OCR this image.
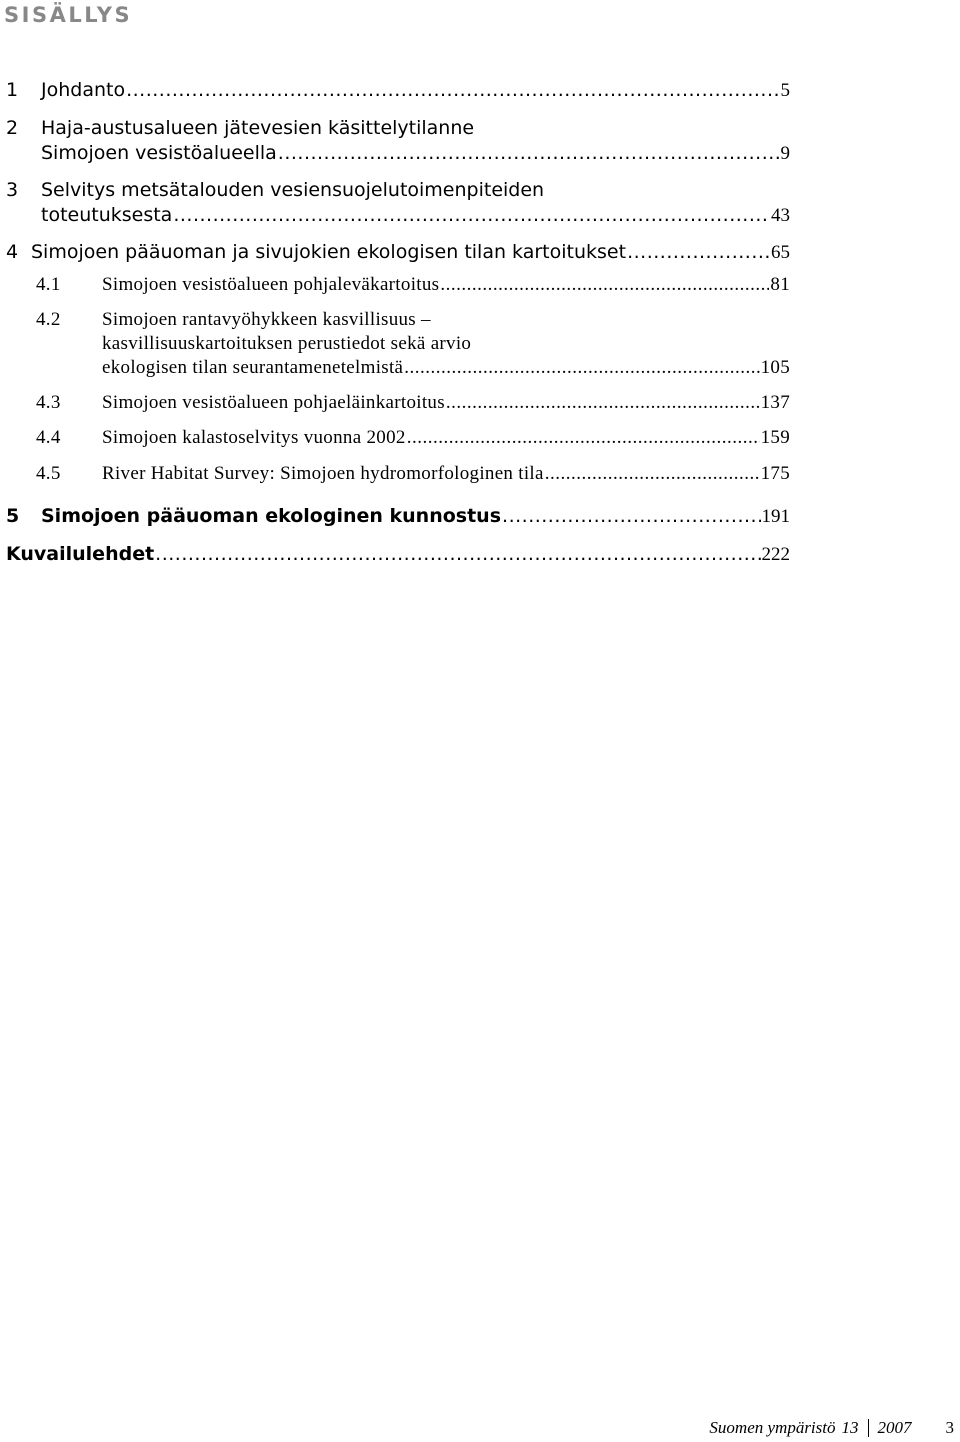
SISÄLLYS
1 Johdanto .....	5
2 Haja-austusalueen jätevesien käsittelytilanne
Simojoen vesistöalueella .....	9
3 Selvitys metsätalouden vesiensuojelutoimenpiteiden
toteutuksesta .....	43
4 Simojoen pääuoman ja sivujokien ekologisen tilan kartoitukset .....	65
4.1 Simojoen vesistöalueen pohjaleväkartoitus .....	81
4.2 Simojoen rantavyöhykkeen kasvillisuus –
kasvillisuuskartoituksen perustiedot sekä arvio
ekologisen tilan seurantamenetelmistä .....	105
4.3 Simojoen vesistöalueen pohjaeläinkartoitus .....	137
4.4 Simojoen kalastoselvitys vuonna 2002 .....	159
4.5 River Habitat Survey: Simojoen hydromorfologinen tila .....	175
5 Simojoen pääuoman ekologinen kunnostus .....	191
Kuvailulehdet .....	222
Suomen ympäristö 13 2007 3
